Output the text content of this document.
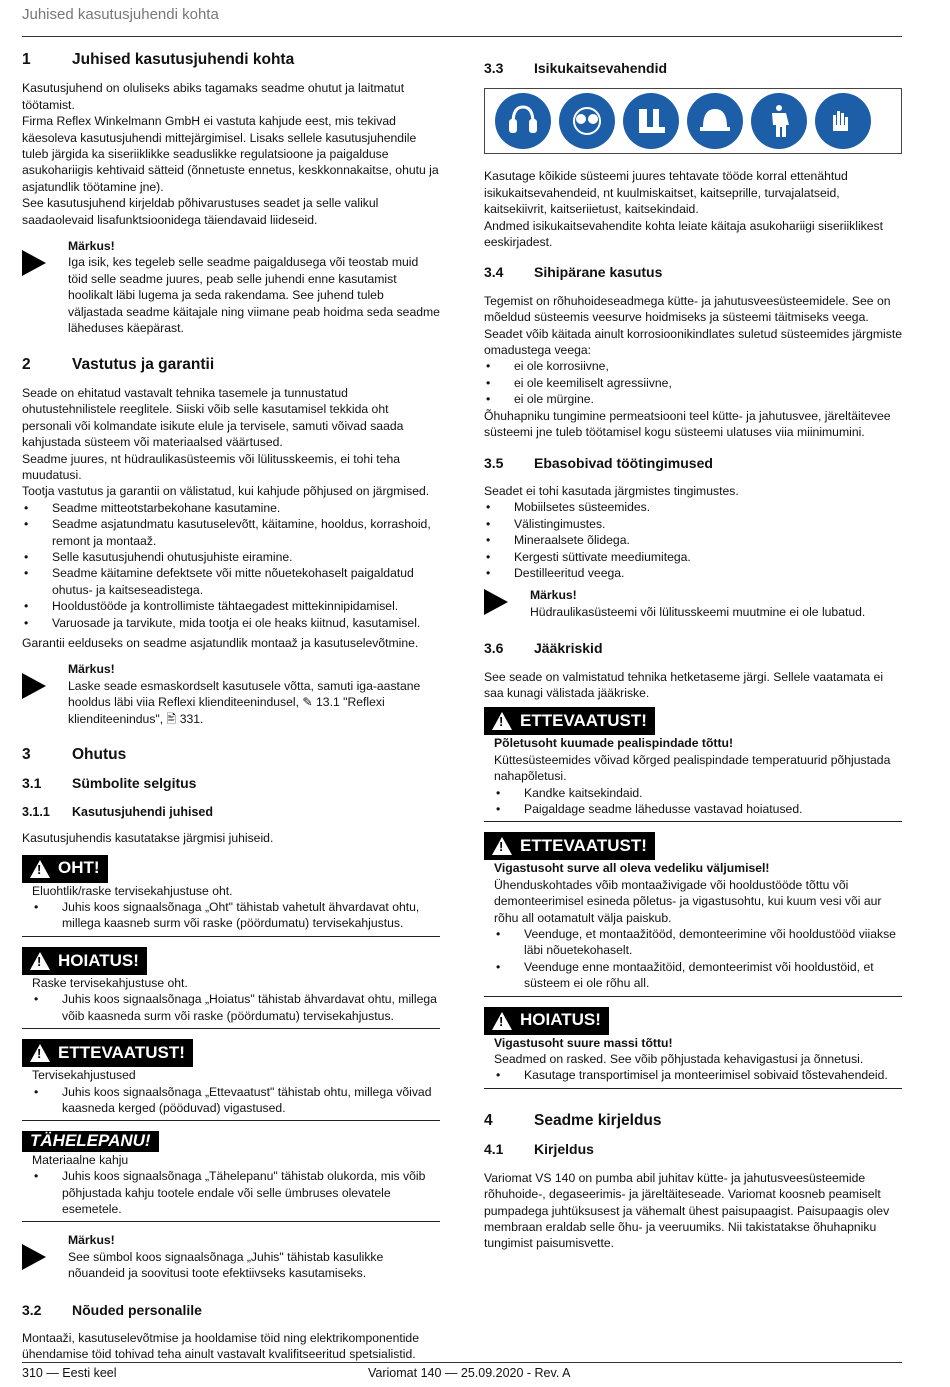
Juhised kasutusjuhendi kohta
1	Juhised kasutusjuhendi kohta

Kasutusjuhend on oluliseks abiks tagamaks seadme ohutut ja laitmatut töötamist.

Firma Reflex Winkelmann GmbH ei vastuta kahjude eest, mis tekivad käesoleva kasutusjuhendi mittejärgimisel. Lisaks sellele kasutusjuhendile tuleb järgida ka siseriiklikke seaduslikke regulatsioone ja paigalduse asukohariigis kehtivaid sätteid (õnnetuste ennetus, keskkonnakaitse, ohutu ja asjatundlik töötamine jne).

See kasutusjuhend kirjeldab põhivarustuses seadet ja selle valikul saadaolevaid lisafunktsioonidega täiendavaid liideseid.

Märkus!
Iga isik, kes tegeleb selle seadme paigaldusega või teostab muid töid selle seadme juures, peab selle juhendi enne kasutamist hoolikalt läbi lugema ja seda rakendama. See juhend tuleb väljastada seadme käitajale ning viimane peab hoidma seda seadme läheduses käepärast.
2	Vastutus ja garantii

Seade on ehitatud vastavalt tehnika tasemele ja tunnustatud ohutustehnilistele reeglitele. Siiski võib selle kasutamisel tekkida oht personali või kolmandate isikute elule ja tervisele, samuti võivad saada kahjustada süsteem või materiaalsed väärtused.

Seadme juures, nt hüdraulikasüsteemis või lülitusskeemis, ei tohi teha muudatusi.

Tootja vastutus ja garantii on välistatud, kui kahjude põhjused on järgmised.

• Seadme mitteotstarbekohane kasutamine.
• Seadme asjatundmatu kasutuselevõtt, käitamine, hooldus, korrashoid, remont ja montaaž.
• Selle kasutusjuhendi ohutusjuhiste eiramine.
• Seadme käitamine defektsete või mitte nõuetekohaselt paigaldatud ohutus- ja kaitseseadistega.
• Hooldustööde ja kontrollimiste tähtaegadest mittekinnipidamisel.
• Varuosade ja tarvikute, mida tootja ei ole heaks kiitnud, kasutamisel.

Garantii eelduseks on seadme asjatundlik montaaž ja kasutuselevõtmine.

Märkus!
Laske seade esmaskordselt kasutusele võtta, samuti iga-aastane hooldus läbi viia Reflexi klienditeenindusel, ✎ 13.1 "Reflexi klienditeenindus", 🖹 331.
3	Ohutus
3.1	Sümbolite selgitus
3.1.1	Kasutusjuhendi juhised

Kasutusjuhendis kasutatakse järgmisi juhiseid.

!
OHT!
Eluohtlik/raske tervisekahjustuse oht.
• Juhis koos signaalsõnaga „Oht" tähistab vahetult ähvardavat ohtu, millega kaasneb surm või raske (pöördumatu) tervisekahjustus.
!
HOIATUS!
Raske tervisekahjustuse oht.
• Juhis koos signaalsõnaga „Hoiatus" tähistab ähvardavat ohtu, millega võib kaasneda surm või raske (pöördumatu) tervisekahjustus.
!
ETTEVAATUST!
Tervisekahjustused
• Juhis koos signaalsõnaga „Ettevaatust" tähistab ohtu, millega võivad kaasneda kerged (pööduvad) vigastused.
TÄHELEPANU!
Materiaalne kahju
• Juhis koos signaalsõnaga „Tähelepanu" tähistab olukorda, mis võib põhjustada kahju tootele endale või selle ümbruses olevatele esemetele.
Märkus!
See sümbol koos signaalsõnaga „Juhis" tähistab kasulikke nõuandeid ja soovitusi toote efektiivseks kasutamiseks.
3.2	Nõuded personalile

Montaaži, kasutuselevõtmise ja hooldamise töid ning elektrikomponentide ühendamise töid tohivad teha ainult vastavalt kvalifitseeritud spetsialistid.

3.3	Isikukaitsevahendid

Kasutage kõikide süsteemi juures tehtavate tööde korral ettenähtud isikukaitsevahendeid, nt kuulmiskaitset, kaitseprille, turvajalatseid, kaitsekiivrit, kaitseriietust, kaitsekindaid.

Andmed isikukaitsevahendite kohta leiate käitaja asukohariigi siseriiklikest eeskirjadest.

3.4	Sihipärane kasutus

Tegemist on rõhuhoideseadmega kütte- ja jahutusveesüsteemidele. See on mõeldud süsteemis veesurve hoidmiseks ja süsteemi täitmiseks veega. Seadet võib käitada ainult korrosioonikindlates suletud süsteemides järgmiste omadustega veega:

• ei ole korrosiivne,
• ei ole keemiliselt agressiivne,
• ei ole mürgine.

Õhuhapniku tungimine permeatsiooni teel kütte- ja jahutusvee, järeltäitevee süsteemi jne tuleb töötamisel kogu süsteemi ulatuses viia miinimumini.

3.5	Ebasobivad töötingimused

Seadet ei tohi kasutada järgmistes tingimustes.

• Mobiilsetes süsteemides.
• Välistingimustes.
• Mineraalsete õlidega.
• Kergesti süttivate meediumitega.
• Destilleeritud veega.
Märkus!
Hüdraulikasüsteemi või lülitusskeemi muutmine ei ole lubatud.
3.6	Jääkriskid

See seade on valmistatud tehnika hetketaseme järgi. Sellele vaatamata ei saa kunagi välistada jääkriske.

!
ETTEVAATUST!
Põletusoht kuumade pealispindade tõttu!
Küttesüsteemides võivad kõrged pealispindade temperatuurid põhjustada nahapõletusi.
• Kandke kaitsekindaid.
• Paigaldage seadme lähedusse vastavad hoiatused.
!
ETTEVAATUST!
Vigastusoht surve all oleva vedeliku väljumisel!
Ühenduskohtades võib montaaživigade või hooldustööde tõttu või demonteerimisel esineda põletus- ja vigastusohtu, kui kuum vesi või aur rõhu all ootamatult välja paiskub.
• Veenduge, et montaažitööd, demonteerimine või hooldustööd viiakse läbi nõuetekohaselt.
• Veenduge enne montaažitöid, demonteerimist või hooldustöid, et süsteem ei ole rõhu all.
!
HOIATUS!
Vigastusoht suure massi tõttu!
Seadmed on rasked. See võib põhjustada kehavigastusi ja õnnetusi.
• Kasutage transportimisel ja monteerimisel sobivaid tõstevahendeid.
4	Seadme kirjeldus
4.1	Kirjeldus

Variomat VS 140 on pumba abil juhitav kütte- ja jahutusveesüsteemide rõhuhoide-, degaseerimis- ja järeltäiteseade. Variomat koosneb peamiselt pumpadega juhtüksusest ja vähemalt ühest paisupaagist. Paisupaagis olev membraan eraldab selle õhu- ja veeruumiks. Nii takistatakse õhuhapniku tungimist paisumisvette.

310 — Eesti keel	Variomat 140 — 25.09.2020 - Rev. A
